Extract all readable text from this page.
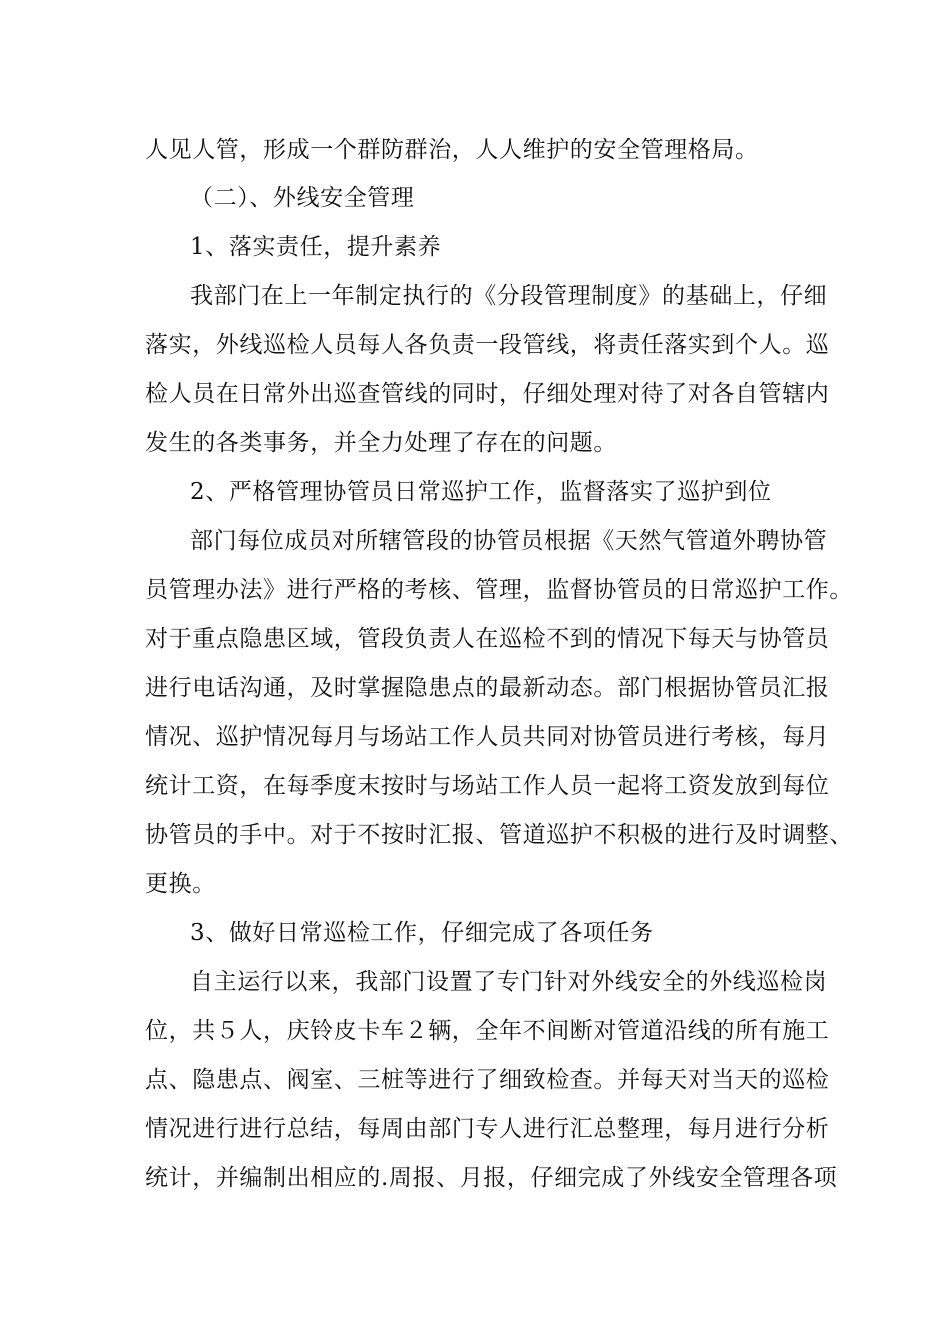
人见人管，形成一个群防群治，人人维护的安全管理格局。
（二）、外线安全管理
1、落实责任，提升素养
我部门在上一年制定执行的《分段管理制度》的基础上，仔细
落实，外线巡检人员每人各负责一段管线，将责任落实到个人。巡
检人员在日常外出巡查管线的同时，仔细处理对待了对各自管辖内
发生的各类事务，并全力处理了存在的问题。
2、严格管理协管员日常巡护工作，监督落实了巡护到位
部门每位成员对所辖管段的协管员根据《天然气管道外聘协管
员管理办法》进行严格的考核、管理，监督协管员的日常巡护工作。
对于重点隐患区域，管段负责人在巡检不到的情况下每天与协管员
进行电话沟通，及时掌握隐患点的最新动态。部门根据协管员汇报
情况、巡护情况每月与场站工作人员共同对协管员进行考核，每月
统计工资，在每季度末按时与场站工作人员一起将工资发放到每位
协管员的手中。对于不按时汇报、管道巡护不积极的进行及时调整、
更换。
3、做好日常巡检工作，仔细完成了各项任务
自主运行以来，我部门设置了专门针对外线安全的外线巡检岗
位，共５人，庆铃皮卡车２辆，全年不间断对管道沿线的所有施工
点、隐患点、阀室、三桩等进行了细致检查。并每天对当天的巡检
情况进行进行总结，每周由部门专人进行汇总整理，每月进行分析
统计，并编制出相应的.周报、月报，仔细完成了外线安全管理各项
